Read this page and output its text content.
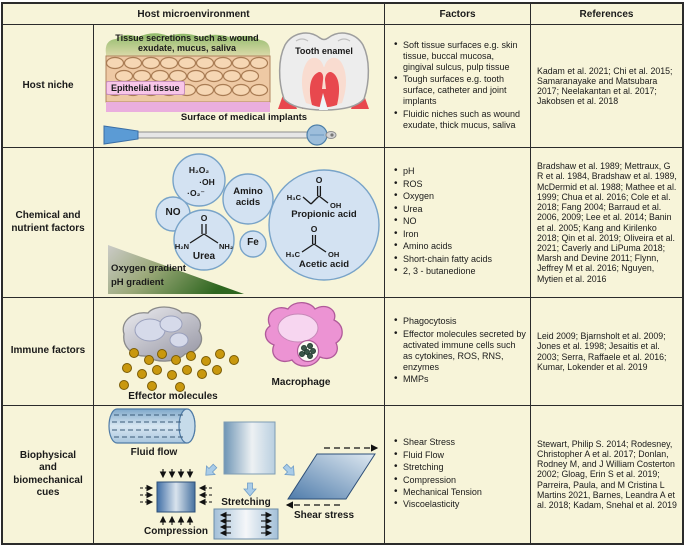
Host microenvironment	Factors	References
Host niche
Tissue secretions such as wound exudate, mucus, saliva
Epithelial tissue
Tooth enamel
Surface of medical implants
• Soft tissue surfaces e.g. skin tissue, buccal mucosa, gingival sulcus, pulp tissue
• Tough surfaces e.g. tooth surface, catheter and joint implants
• Fluidic niches such as wound exudate, thick mucus, saliva
Kadam et al. 2021; Chi et al. 2015; Samaranayake and Matsubara 2017; Neelakantan et al. 2017; Jakobsen et al. 2018
Chemical and nutrient factors
O
H₂N	NH₂
O
H₃C
OH
O
H₃C	OH
H₂O₂
·OH
·O₂⁻
NO
Amino acids
Urea
Fe
Propionic acid
Acetic acid
Oxygen gradient
pH gradient
• pH
• ROS
• Oxygen
• Urea
• NO
• Iron
• Amino acids
• Short-chain fatty acids
• 2, 3 - butanedione
Bradshaw et al. 1989; Mettraux, G R et al. 1984, Bradshaw et al. 1989, McDermid et al. 1988; Mathee et al. 1999; Chua et al. 2016; Cole et al. 2018; Fang 2004; Barraud et al. 2006, 2009; Lee et al. 2014; Banin et al. 2005; Kang and Kirilenko 2018; Qin et al. 2019; Oliveira et al. 2021; Caverly and LiPuma 2018; Marsh and Devine 2011; Flynn, Jeffrey M et al. 2016; Nguyen, Mytien et al. 2016
Immune factors
Effector molecules
Macrophage
• Phagocytosis
• Effector molecules secreted by activated immune cells such as cytokines, ROS, RNS, enzymes
• MMPs
Leid 2009; Bjarnsholt et al. 2009; Jones et al. 1998; Jesaitis et al. 2003; Serra, Raffaele et al. 2016; Kumar, Lokender et al. 2019
Biophysical and biomechanical cues
Fluid flow
Compression
Stretching
Shear stress
• Shear Stress
• Fluid Flow
• Stretching
• Compression
• Mechanical Tension
• Viscoelasticity
Stewart, Philip S. 2014; Rodesney, Christopher A et al. 2017; Donlan, Rodney M, and J William Costerton 2002; Gloag, Erin S et al. 2019; Parreira, Paula, and M Cristina L Martins 2021, Barnes, Leandra A et al. 2018; Kadam, Snehal et al. 2019
